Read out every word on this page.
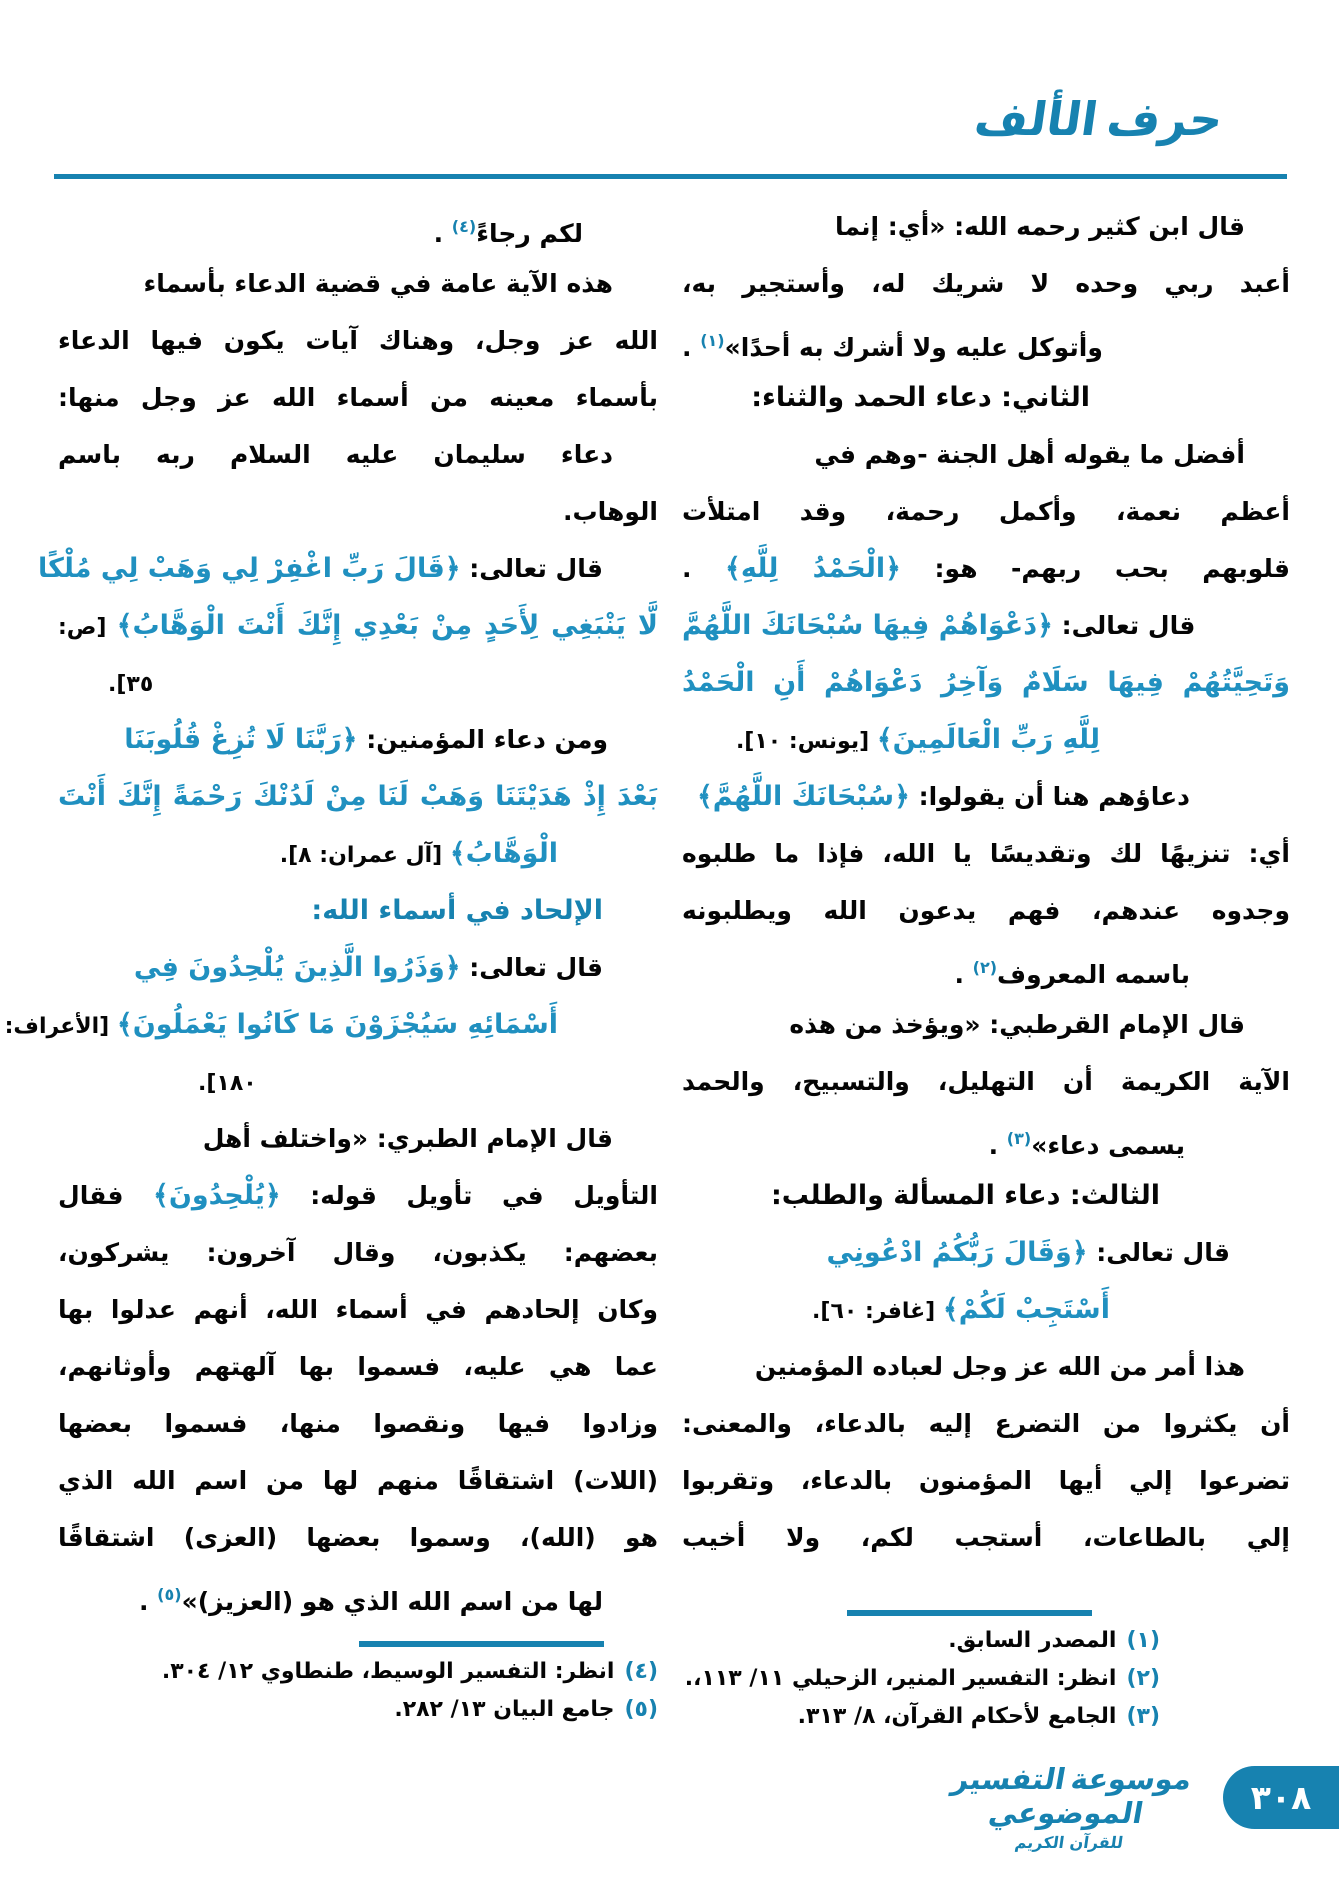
حرف الألف
قال ابن كثير رحمه الله: «أي: إنما
أعبد ربي وحده لا شريك له، وأستجير به،
وأتوكل عليه ولا أشرك به أحدًا»$^{(١)}$ .
الثاني: دعاء الحمد والثناء:
أفضل ما يقوله أهل الجنة -وهم في
أعظم نعمة، وأكمل رحمة، وقد امتلأت
قلوبهم بحب ربهم- هو: ﴿الْحَمْدُ لِلَّهِ﴾ .
قال تعالى: ﴿دَعْوَاهُمْ فِيهَا سُبْحَانَكَ اللَّهُمَّ
وَتَحِيَّتُهُمْ فِيهَا سَلَامٌ وَآخِرُ دَعْوَاهُمْ أَنِ الْحَمْدُ
لِلَّهِ رَبِّ الْعَالَمِينَ﴾ [يونس: ١٠].
دعاؤهم هنا أن يقولوا: ﴿سُبْحَانَكَ اللَّهُمَّ﴾
أي: تنزيهًا لك وتقديسًا يا الله، فإذا ما طلبوه
وجدوه عندهم، فهم يدعون الله ويطلبونه
باسمه المعروف$^{(٢)}$ .
قال الإمام القرطبي: «ويؤخذ من هذه
الآية الكريمة أن التهليل، والتسبيح، والحمد
يسمى دعاء»$^{(٣)}$ .
الثالث: دعاء المسألة والطلب:
قال تعالى: ﴿وَقَالَ رَبُّكُمُ ادْعُونِي
أَسْتَجِبْ لَكُمْ﴾ [غافر: ٦٠].
هذا أمر من الله عز وجل لعباده المؤمنين
أن يكثروا من التضرع إليه بالدعاء، والمعنى:
تضرعوا إلي أيها المؤمنون بالدعاء، وتقربوا
إلي بالطاعات، أستجب لكم، ولا أخيب
(١)المصدر السابق.
(٢)انظر: التفسير المنير، الزحيلي ١١/ ١١٣،.
(٣)الجامع لأحكام القرآن، ٨/ ٣١٣.
لكم رجاءً$^{(٤)}$ .
هذه الآية عامة في قضية الدعاء بأسماء
الله عز وجل، وهناك آيات يكون فيها الدعاء
بأسماء معينه من أسماء الله عز وجل منها:
دعاء سليمان عليه السلام ربه باسم
الوهاب.
قال تعالى: ﴿قَالَ رَبِّ اغْفِرْ لِي وَهَبْ لِي مُلْكًا
لَّا يَنْبَغِي لِأَحَدٍ مِنْ بَعْدِي إِنَّكَ أَنْتَ الْوَهَّابُ﴾ [ص:
٣٥].
ومن دعاء المؤمنين: ﴿رَبَّنَا لَا تُزِغْ قُلُوبَنَا
بَعْدَ إِذْ هَدَيْتَنَا وَهَبْ لَنَا مِنْ لَدُنْكَ رَحْمَةً إِنَّكَ أَنْتَ
الْوَهَّابُ﴾ [آل عمران: ٨].
الإلحاد في أسماء الله:
قال تعالى: ﴿وَذَرُوا الَّذِينَ يُلْحِدُونَ فِي
أَسْمَائِهِ سَيُجْزَوْنَ مَا كَانُوا يَعْمَلُونَ﴾ [الأعراف:
١٨٠].
قال الإمام الطبري: «واختلف أهل
التأويل في تأويل قوله: ﴿يُلْحِدُونَ﴾ فقال
بعضهم: يكذبون، وقال آخرون: يشركون،
وكان إلحادهم في أسماء الله، أنهم عدلوا بها
عما هي عليه، فسموا بها آلهتهم وأوثانهم،
وزادوا فيها ونقصوا منها، فسموا بعضها
(اللات) اشتقاقًا منهم لها من اسم الله الذي
هو (الله)، وسموا بعضها (العزى) اشتقاقًا
لها من اسم الله الذي هو (العزيز)»$^{(٥)}$ .
(٤)انظر: التفسير الوسيط، طنطاوي ١٢/ ٣٠٤.
(٥)جامع البيان ١٣/ ٢٨٢.
موسوعة التفسير الموضوعي
للقرآن الكريم
٣٠٨
